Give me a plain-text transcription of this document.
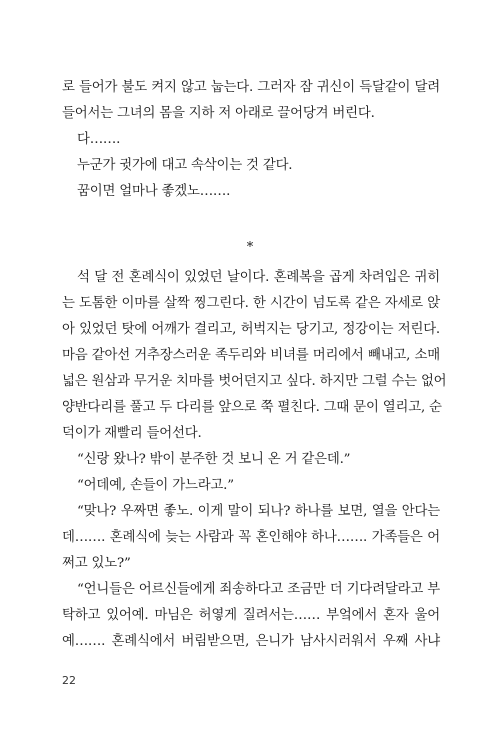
로 들어가 불도 켜지 않고 눕는다. 그러자 잠 귀신이 득달같이 달려
들어서는 그녀의 몸을 지하 저 아래로 끌어당겨 버린다.
다…….
누군가 귓가에 대고 속삭이는 것 같다.
꿈이면 얼마나 좋겠노…….
*
석 달 전 혼례식이 있었던 날이다. 혼례복을 곱게 차려입은 귀히
는 도톰한 이마를 살짝 찡그린다. 한 시간이 넘도록 같은 자세로 앉
아 있었던 탓에 어깨가 결리고, 허벅지는 당기고, 정강이는 저린다.
마음 같아선 거추장스러운 족두리와 비녀를 머리에서 빼내고, 소매
넓은 원삼과 무거운 치마를 벗어던지고 싶다. 하지만 그럴 수는 없어
양반다리를 풀고 두 다리를 앞으로 쭉 펼친다. 그때 문이 열리고, 순
덕이가 재빨리 들어선다.
“신랑 왔나? 밖이 분주한 것 보니 온 거 같은데.”
“어데예, 손들이 가느라고.”
“맞나? 우짜면 좋노. 이게 말이 되나? 하나를 보면, 열을 안다는
데……. 혼례식에 늦는 사람과 꼭 혼인해야 하나……. 가족들은 어
쩌고 있노?”
“언니들은 어르신들에게 죄송하다고 조금만 더 기다려달라고 부
탁하고 있어예. 마님은 허옇게 질려서는…… 부엌에서 혼자 울어
예……. 혼례식에서 버림받으면, 은니가 남사시러워서 우째 사냐
22
